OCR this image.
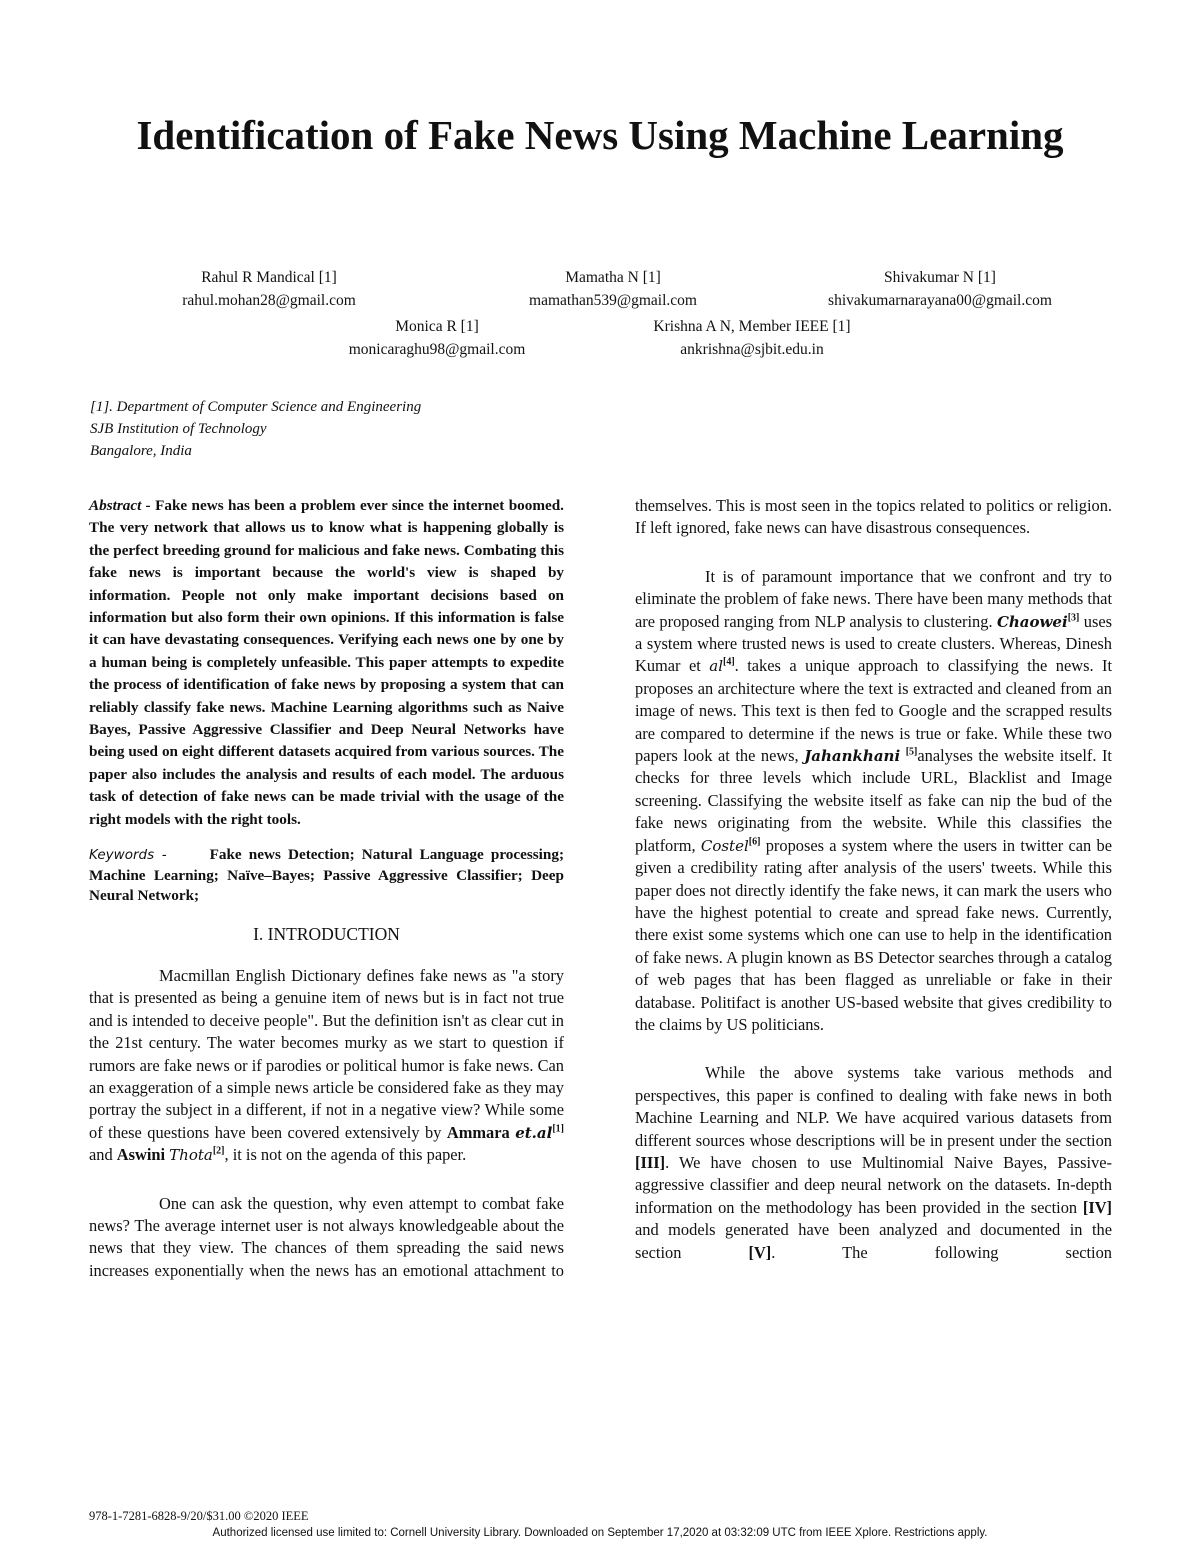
Identification of Fake News Using Machine Learning
Rahul R Mandical [1]
rahul.mohan28@gmail.com
Mamatha N [1]
mamathan539@gmail.com
Shivakumar N [1]
shivakumarnarayana00@gmail.com
Monica R [1]
monicaraghu98@gmail.com
Krishna A N, Member IEEE [1]
ankrishna@sjbit.edu.in
[1]. Department of Computer Science and Engineering
SJB Institution of Technology
Bangalore, India

Abstract - Fake news has been a problem ever since the internet boomed. The very network that allows us to know what is happening globally is the perfect breeding ground for malicious and fake news. Combating this fake news is important because the world's view is shaped by information. People not only make important decisions based on information but also form their own opinions. If this information is false it can have devastating consequences. Verifying each news one by one by a human being is completely unfeasible. This paper attempts to expedite the process of identification of fake news by proposing a system that can reliably classify fake news. Machine Learning algorithms such as Naive Bayes, Passive Aggressive Classifier and Deep Neural Networks have being used on eight different datasets acquired from various sources. The paper also includes the analysis and results of each model. The arduous task of detection of fake news can be made trivial with the usage of the right models with the right tools.

Keywords -	Fake news Detection; Natural Language processing; Machine Learning; Naïve–Bayes; Passive Aggressive Classifier; Deep Neural Network;

I. INTRODUCTION

Macmillan English Dictionary defines fake news as "a story that is presented as being a genuine item of news but is in fact not true and is intended to deceive people". But the definition isn't as clear cut in the 21st century. The water becomes murky as we start to question if rumors are fake news or if parodies or political humor is fake news. Can an exaggeration of a simple news article be considered fake as they may portray the subject in a different, if not in a negative view? While some of these questions have been covered extensively by Ammara et.al[1] and Aswini Thota[2], it is not on the agenda of this paper.

One can ask the question, why even attempt to combat fake news? The average internet user is not always knowledgeable about the news that they view. The chances of them spreading the said news increases exponentially when the news has an emotional attachment to

themselves. This is most seen in the topics related to politics or religion. If left ignored, fake news can have disastrous consequences.

It is of paramount importance that we confront and try to eliminate the problem of fake news. There have been many methods that are proposed ranging from NLP analysis to clustering. Chaowei[3] uses a system where trusted news is used to create clusters. Whereas, Dinesh Kumar et al[4]. takes a unique approach to classifying the news. It proposes an architecture where the text is extracted and cleaned from an image of news. This text is then fed to Google and the scrapped results are compared to determine if the news is true or fake. While these two papers look at the news, Jahankhani [5]analyses the website itself. It checks for three levels which include URL, Blacklist and Image screening. Classifying the website itself as fake can nip the bud of the fake news originating from the website. While this classifies the platform, Costel[6] proposes a system where the users in twitter can be given a credibility rating after analysis of the users' tweets. While this paper does not directly identify the fake news, it can mark the users who have the highest potential to create and spread fake news. Currently, there exist some systems which one can use to help in the identification of fake news. A plugin known as BS Detector searches through a catalog of web pages that has been flagged as unreliable or fake in their database. Politifact is another US-based website that gives credibility to the claims by US politicians.

While the above systems take various methods and perspectives, this paper is confined to dealing with fake news in both Machine Learning and NLP. We have acquired various datasets from different sources whose descriptions will be in present under the section [III]. We have chosen to use Multinomial Naive Bayes, Passive-aggressive classifier and deep neural network on the datasets. In-depth information on the methodology has been provided in the section [IV] and models generated have been analyzed and documented in the section [V]. The following section

978-1-7281-6828-9/20/$31.00 ©2020 IEEE
Authorized licensed use limited to: Cornell University Library. Downloaded on September 17,2020 at 03:32:09 UTC from IEEE Xplore. Restrictions apply.
